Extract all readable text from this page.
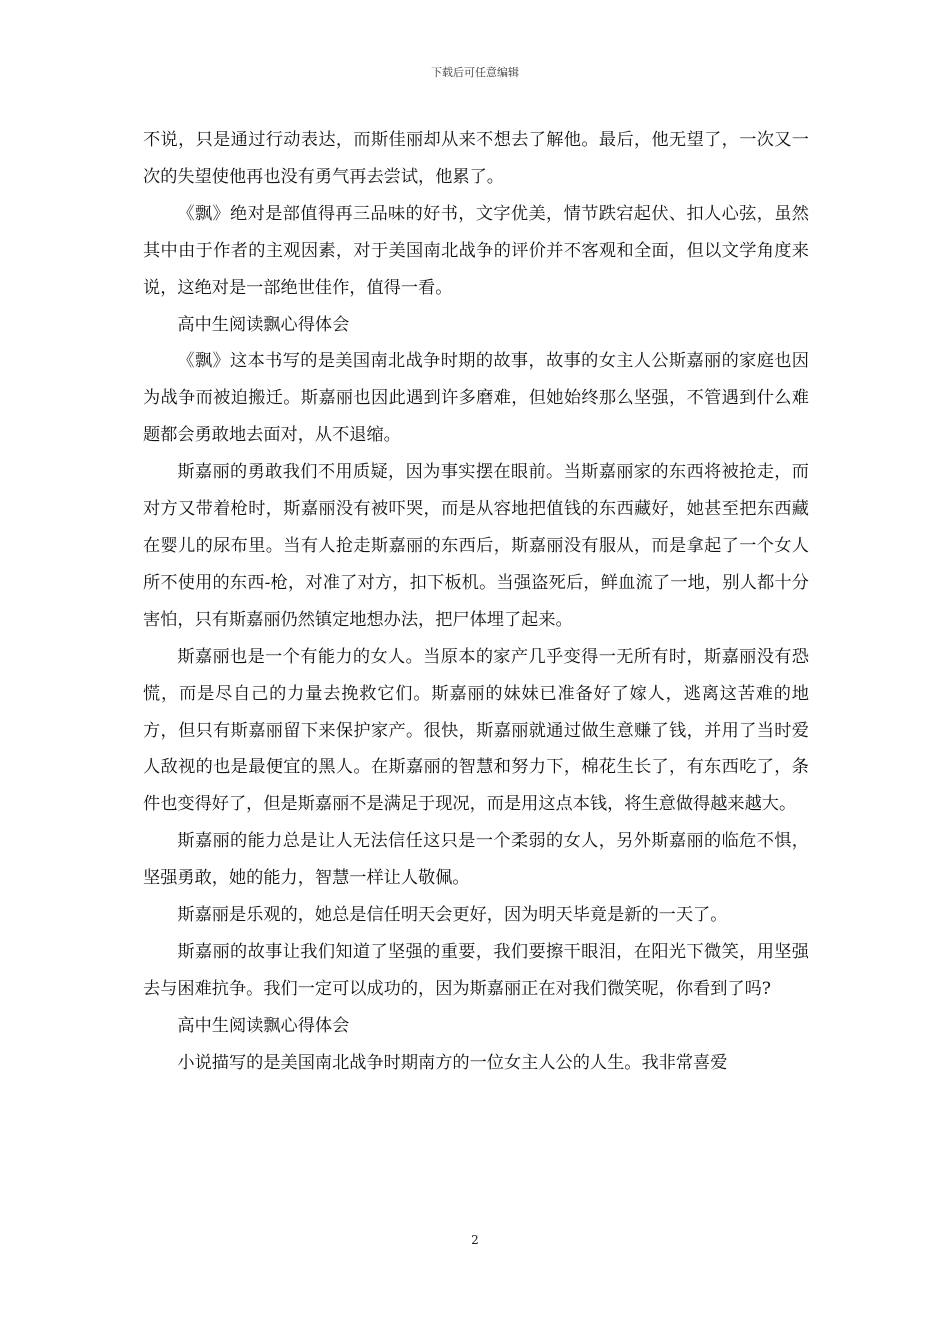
下载后可任意编辑

不说，只是通过行动表达，而斯佳丽却从来不想去了解他。最后，他无望了，一次又一次的失望使他再也没有勇气再去尝试，他累了。

《飘》绝对是部值得再三品味的好书，文字优美，情节跌宕起伏、扣人心弦，虽然其中由于作者的主观因素，对于美国南北战争的评价并不客观和全面，但以文学角度来说，这绝对是一部绝世佳作，值得一看。

高中生阅读飘心得体会

《飘》这本书写的是美国南北战争时期的故事，故事的女主人公斯嘉丽的家庭也因为战争而被迫搬迁。斯嘉丽也因此遇到许多磨难，但她始终那么坚强，不管遇到什么难题都会勇敢地去面对，从不退缩。

斯嘉丽的勇敢我们不用质疑，因为事实摆在眼前。当斯嘉丽家的东西将被抢走，而对方又带着枪时，斯嘉丽没有被吓哭，而是从容地把值钱的东西藏好，她甚至把东西藏在婴儿的尿布里。当有人抢走斯嘉丽的东西后，斯嘉丽没有服从，而是拿起了一个女人所不使用的东西-枪，对准了对方，扣下板机。当强盗死后，鲜血流了一地，别人都十分害怕，只有斯嘉丽仍然镇定地想办法，把尸体埋了起来。

斯嘉丽也是一个有能力的女人。当原本的家产几乎变得一无所有时，斯嘉丽没有恐慌，而是尽自己的力量去挽救它们。斯嘉丽的妹妹已准备好了嫁人，逃离这苦难的地方，但只有斯嘉丽留下来保护家产。很快，斯嘉丽就通过做生意赚了钱，并用了当时爱人敌视的也是最便宜的黑人。在斯嘉丽的智慧和努力下，棉花生长了，有东西吃了，条件也变得好了，但是斯嘉丽不是满足于现况，而是用这点本钱，将生意做得越来越大。

斯嘉丽的能力总是让人无法信任这只是一个柔弱的女人，另外斯嘉丽的临危不惧，坚强勇敢，她的能力，智慧一样让人敬佩。

斯嘉丽是乐观的，她总是信任明天会更好，因为明天毕竟是新的一天了。

斯嘉丽的故事让我们知道了坚强的重要，我们要擦干眼泪，在阳光下微笑，用坚强去与困难抗争。我们一定可以成功的，因为斯嘉丽正在对我们微笑呢，你看到了吗?

高中生阅读飘心得体会

小说描写的是美国南北战争时期南方的一位女主人公的人生。我非常喜爱

2
